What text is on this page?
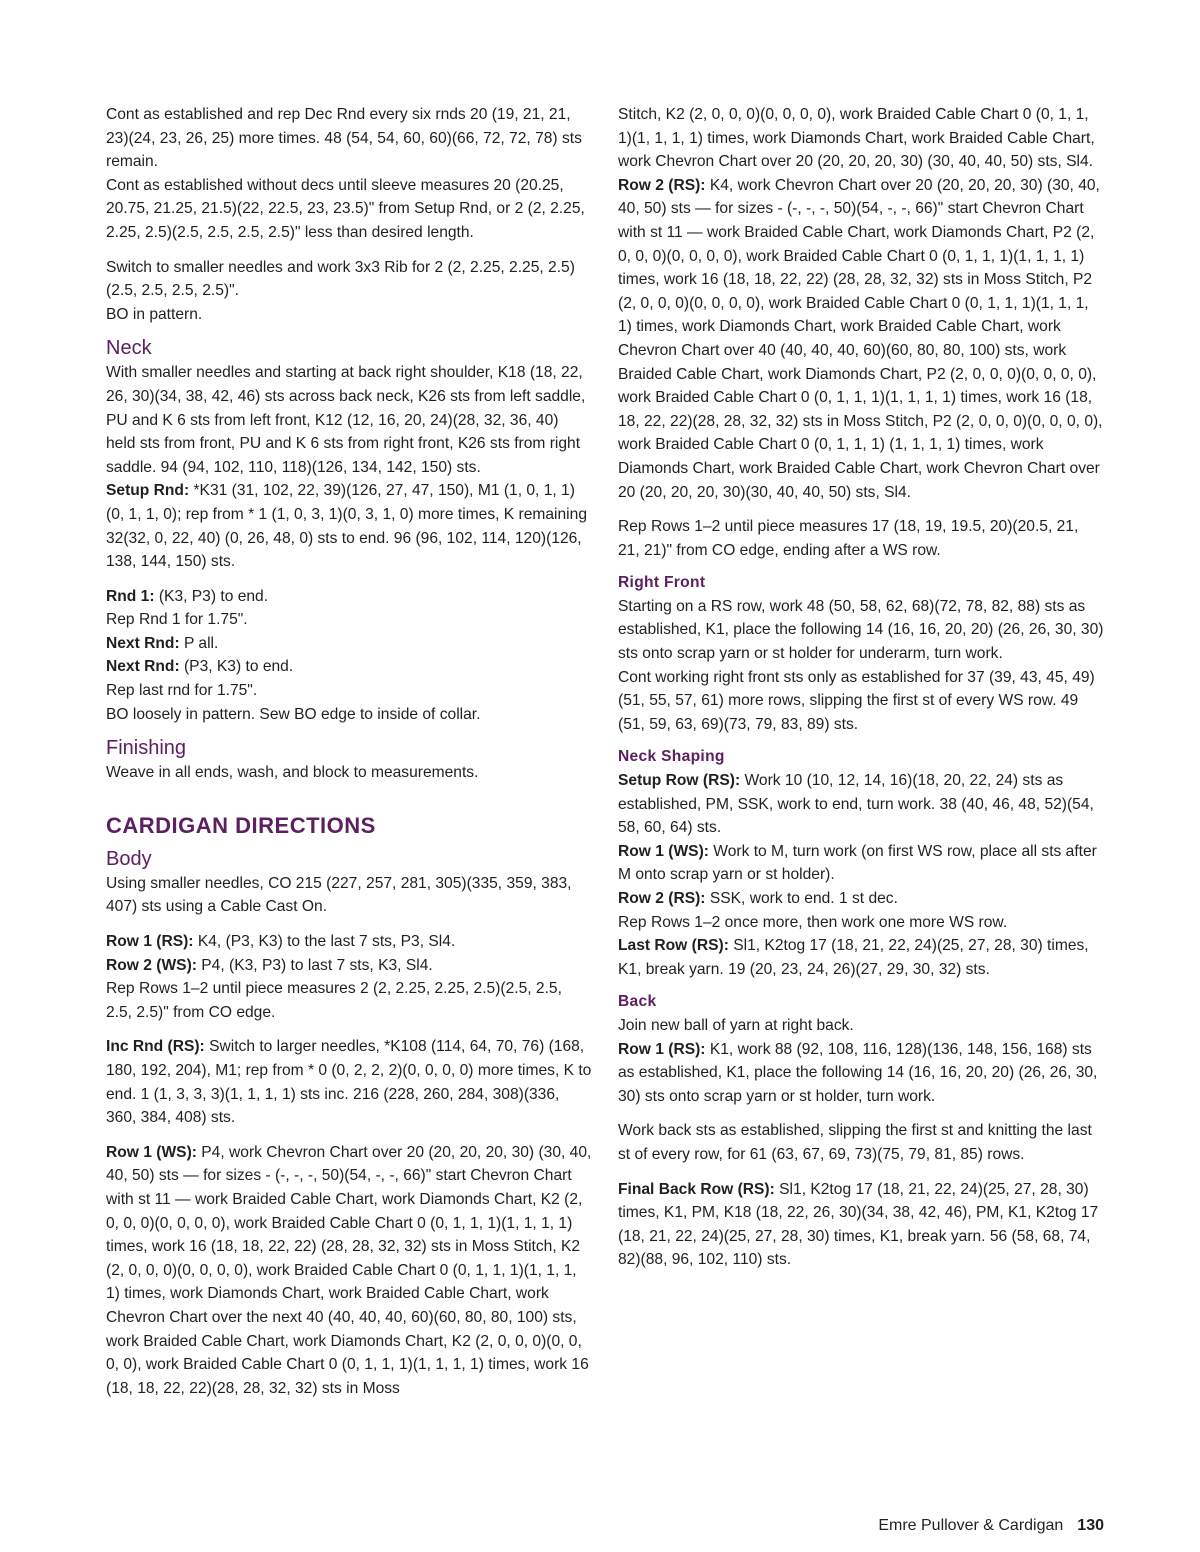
Cont as established and rep Dec Rnd every six rnds 20 (19, 21, 21, 23)(24, 23, 26, 25) more times. 48 (54, 54, 60, 60)(66, 72, 72, 78) sts remain.

Cont as established without decs until sleeve measures 20 (20.25, 20.75, 21.25, 21.5)(22, 22.5, 23, 23.5)" from Setup Rnd, or 2 (2, 2.25, 2.25, 2.5)(2.5, 2.5, 2.5, 2.5)" less than desired length.

Switch to smaller needles and work 3x3 Rib for 2 (2, 2.25, 2.25, 2.5)(2.5, 2.5, 2.5, 2.5)".

BO in pattern.

Neck

With smaller needles and starting at back right shoulder, K18 (18, 22, 26, 30)(34, 38, 42, 46) sts across back neck, K26 sts from left saddle, PU and K 6 sts from left front, K12 (12, 16, 20, 24)(28, 32, 36, 40) held sts from front, PU and K 6 sts from right front, K26 sts from right saddle. 94 (94, 102, 110, 118)(126, 134, 142, 150) sts.

Setup Rnd: *K31 (31, 102, 22, 39)(126, 27, 47, 150), M1 (1, 0, 1, 1)(0, 1, 1, 0); rep from * 1 (1, 0, 3, 1)(0, 3, 1, 0) more times, K remaining 32(32, 0, 22, 40) (0, 26, 48, 0) sts to end. 96 (96, 102, 114, 120)(126, 138, 144, 150) sts.

Rnd 1: (K3, P3) to end.

Rep Rnd 1 for 1.75".

Next Rnd: P all.

Next Rnd: (P3, K3) to end.

Rep last rnd for 1.75".

BO loosely in pattern. Sew BO edge to inside of collar.

Finishing

Weave in all ends, wash, and block to measurements.

CARDIGAN DIRECTIONS
Body

Using smaller needles, CO 215 (227, 257, 281, 305)(335, 359, 383, 407) sts using a Cable Cast On.

Row 1 (RS): K4, (P3, K3) to the last 7 sts, P3, Sl4.

Row 2 (WS): P4, (K3, P3) to last 7 sts, K3, Sl4.

Rep Rows 1–2 until piece measures 2 (2, 2.25, 2.25, 2.5)(2.5, 2.5, 2.5, 2.5)" from CO edge.

Inc Rnd (RS): Switch to larger needles, *K108 (114, 64, 70, 76) (168, 180, 192, 204), M1; rep from * 0 (0, 2, 2, 2)(0, 0, 0, 0) more times, K to end. 1 (1, 3, 3, 3)(1, 1, 1, 1) sts inc. 216 (228, 260, 284, 308)(336, 360, 384, 408) sts.

Row 1 (WS): P4, work Chevron Chart over 20 (20, 20, 20, 30) (30, 40, 40, 50) sts — for sizes - (-, -, -, 50)(54, -, -, 66)" start Chevron Chart with st 11 — work Braided Cable Chart, work Diamonds Chart, K2 (2, 0, 0, 0)(0, 0, 0, 0), work Braided Cable Chart 0 (0, 1, 1, 1)(1, 1, 1, 1) times, work 16 (18, 18, 22, 22) (28, 28, 32, 32) sts in Moss Stitch, K2 (2, 0, 0, 0)(0, 0, 0, 0), work Braided Cable Chart 0 (0, 1, 1, 1)(1, 1, 1, 1) times, work Diamonds Chart, work Braided Cable Chart, work Chevron Chart over the next 40 (40, 40, 40, 60)(60, 80, 80, 100) sts, work Braided Cable Chart, work Diamonds Chart, K2 (2, 0, 0, 0)(0, 0, 0, 0), work Braided Cable Chart 0 (0, 1, 1, 1)(1, 1, 1, 1) times, work 16 (18, 18, 22, 22)(28, 28, 32, 32) sts in Moss

Stitch, K2 (2, 0, 0, 0)(0, 0, 0, 0), work Braided Cable Chart 0 (0, 1, 1, 1)(1, 1, 1, 1) times, work Diamonds Chart, work Braided Cable Chart, work Chevron Chart over 20 (20, 20, 20, 30) (30, 40, 40, 50) sts, Sl4.

Row 2 (RS): K4, work Chevron Chart over 20 (20, 20, 20, 30) (30, 40, 40, 50) sts — for sizes - (-, -, -, 50)(54, -, -, 66)" start Chevron Chart with st 11 — work Braided Cable Chart, work Diamonds Chart, P2 (2, 0, 0, 0)(0, 0, 0, 0), work Braided Cable Chart 0 (0, 1, 1, 1)(1, 1, 1, 1) times, work 16 (18, 18, 22, 22) (28, 28, 32, 32) sts in Moss Stitch, P2 (2, 0, 0, 0)(0, 0, 0, 0), work Braided Cable Chart 0 (0, 1, 1, 1)(1, 1, 1, 1) times, work Diamonds Chart, work Braided Cable Chart, work Chevron Chart over 40 (40, 40, 40, 60)(60, 80, 80, 100) sts, work Braided Cable Chart, work Diamonds Chart, P2 (2, 0, 0, 0)(0, 0, 0, 0), work Braided Cable Chart 0 (0, 1, 1, 1)(1, 1, 1, 1) times, work 16 (18, 18, 22, 22)(28, 28, 32, 32) sts in Moss Stitch, P2 (2, 0, 0, 0)(0, 0, 0, 0), work Braided Cable Chart 0 (0, 1, 1, 1) (1, 1, 1, 1) times, work Diamonds Chart, work Braided Cable Chart, work Chevron Chart over 20 (20, 20, 20, 30)(30, 40, 40, 50) sts, Sl4.

Rep Rows 1–2 until piece measures 17 (18, 19, 19.5, 20)(20.5, 21, 21, 21)" from CO edge, ending after a WS row.

Right Front

Starting on a RS row, work 48 (50, 58, 62, 68)(72, 78, 82, 88) sts as established, K1, place the following 14 (16, 16, 20, 20) (26, 26, 30, 30) sts onto scrap yarn or st holder for underarm, turn work.

Cont working right front sts only as established for 37 (39, 43, 45, 49)(51, 55, 57, 61) more rows, slipping the first st of every WS row. 49 (51, 59, 63, 69)(73, 79, 83, 89) sts.

Neck Shaping

Setup Row (RS): Work 10 (10, 12, 14, 16)(18, 20, 22, 24) sts as established, PM, SSK, work to end, turn work. 38 (40, 46, 48, 52)(54, 58, 60, 64) sts.

Row 1 (WS): Work to M, turn work (on first WS row, place all sts after M onto scrap yarn or st holder).

Row 2 (RS): SSK, work to end. 1 st dec.

Rep Rows 1–2 once more, then work one more WS row.

Last Row (RS): Sl1, K2tog 17 (18, 21, 22, 24)(25, 27, 28, 30) times, K1, break yarn. 19 (20, 23, 24, 26)(27, 29, 30, 32) sts.

Back

Join new ball of yarn at right back.

Row 1 (RS): K1, work 88 (92, 108, 116, 128)(136, 148, 156, 168) sts as established, K1, place the following 14 (16, 16, 20, 20) (26, 26, 30, 30) sts onto scrap yarn or st holder, turn work.

Work back sts as established, slipping the first st and knitting the last st of every row, for 61 (63, 67, 69, 73)(75, 79, 81, 85) rows.

Final Back Row (RS): Sl1, K2tog 17 (18, 21, 22, 24)(25, 27, 28, 30) times, K1, PM, K18 (18, 22, 26, 30)(34, 38, 42, 46), PM, K1, K2tog 17 (18, 21, 22, 24)(25, 27, 28, 30) times, K1, break yarn. 56 (58, 68, 74, 82)(88, 96, 102, 110) sts.

Emre Pullover & Cardigan 130
